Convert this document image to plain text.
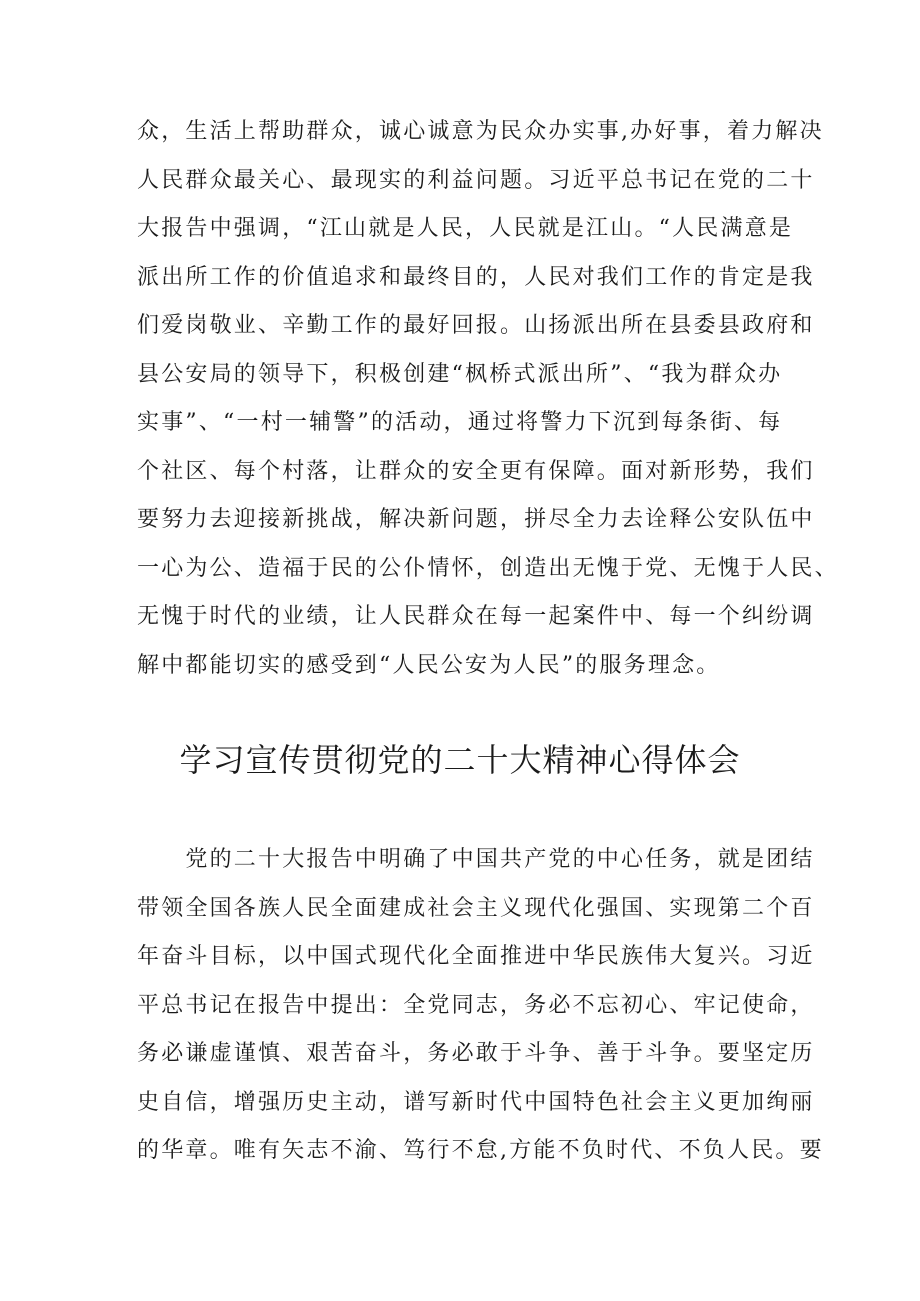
众，生活上帮助群众，诚心诚意为民众办实事,办好事，着力解决
人民群众最关心、最现实的利益问题。习近平总书记在党的二十
大报告中强调，“江山就是人民，人民就是江山。“人民满意是
派出所工作的价值追求和最终目的，人民对我们工作的肯定是我
们爱岗敬业、辛勤工作的最好回报。山扬派出所在县委县政府和
县公安局的领导下，积极创建“枫桥式派出所”、“我为群众办
实事”、“一村一辅警”的活动，通过将警力下沉到每条街、每
个社区、每个村落，让群众的安全更有保障。面对新形势，我们
要努力去迎接新挑战，解决新问题，拼尽全力去诠释公安队伍中
一心为公、造福于民的公仆情怀，创造出无愧于党、无愧于人民、
无愧于时代的业绩，让人民群众在每一起案件中、每一个纠纷调
解中都能切实的感受到“人民公安为人民”的服务理念。
学习宣传贯彻党的二十大精神心得体会
　　党的二十大报告中明确了中国共产党的中心任务，就是团结
带领全国各族人民全面建成社会主义现代化强国、实现第二个百
年奋斗目标，以中国式现代化全面推进中华民族伟大复兴。习近
平总书记在报告中提出：全党同志，务必不忘初心、牢记使命，
务必谦虚谨慎、艰苦奋斗，务必敢于斗争、善于斗争。要坚定历
史自信，增强历史主动，谱写新时代中国特色社会主义更加绚丽
的华章。唯有矢志不渝、笃行不怠,方能不负时代、不负人民。要
